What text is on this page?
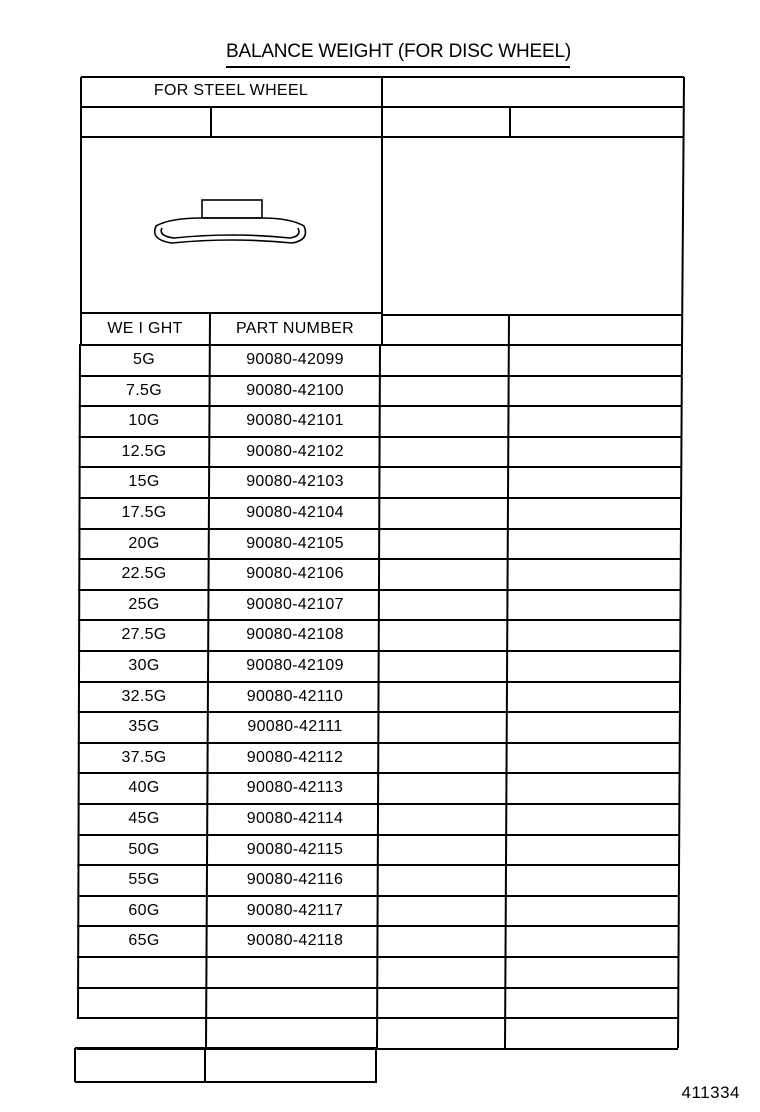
BALANCE WEIGHT (FOR DISC WHEEL)
FOR STEEL WHEEL
WE I GHT	PART NUMBER
5G	90080-42099
7.5G	90080-42100
10G	90080-42101
12.5G	90080-42102
15G	90080-42103
17.5G	90080-42104
20G	90080-42105
22.5G	90080-42106
25G	90080-42107
27.5G	90080-42108
30G	90080-42109
32.5G	90080-42110
35G	90080-42111
37.5G	90080-42112
40G	90080-42113
45G	90080-42114
50G	90080-42115
55G	90080-42116
60G	90080-42117
65G	90080-42118
411334
